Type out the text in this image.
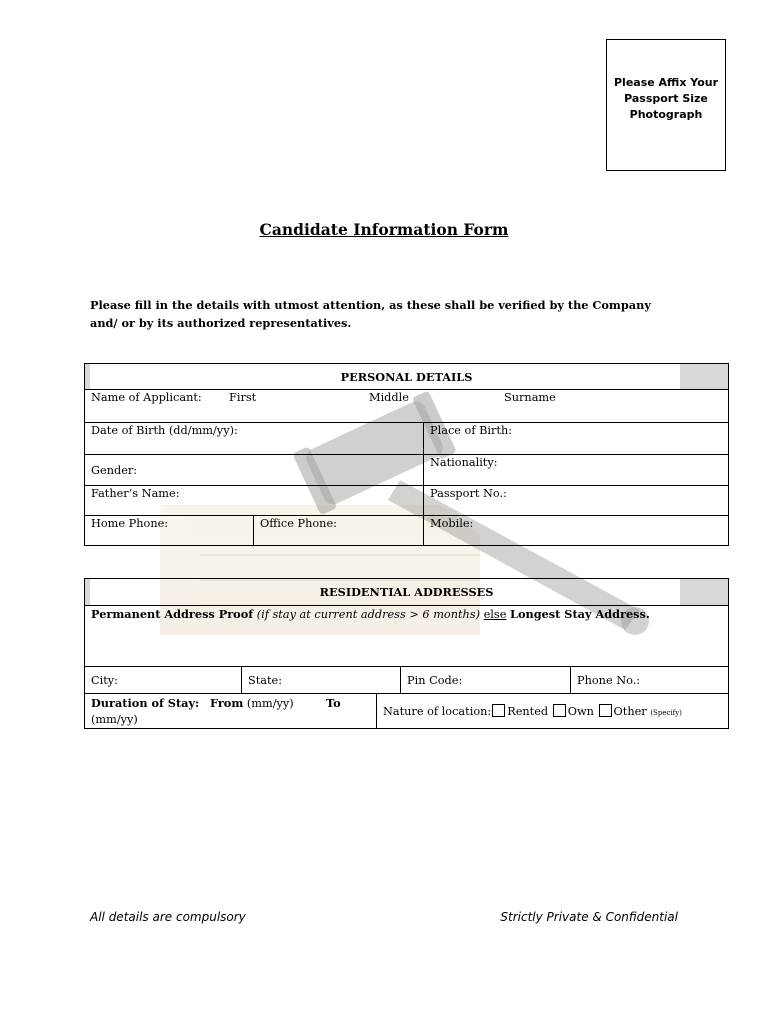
Please Affix Your Passport Size Photograph
Candidate Information Form
Please fill in the details with utmost attention, as these shall be verified by the Company and/ or by its authorized representatives.
PERSONAL DETAILS		
Name of Applicant: First Middle Surname		
Date of Birth (dd/mm/yy):		Place of Birth:
Gender:		Nationality:
Father’s Name:		Passport No.:
Home Phone:	Office Phone:	Mobile:
RESIDENTIAL ADDRESSES				
Permanent Address Proof (if stay at current address > 6 months) else Longest Stay Address.				
City:	State:		Pin Code:	Phone No.:
Duration of Stay: From (mm/yy) To
(mm/yy)		Nature of location: Rented Own Other (Specify)		
All details are compulsory	Strictly Private & Confidential
